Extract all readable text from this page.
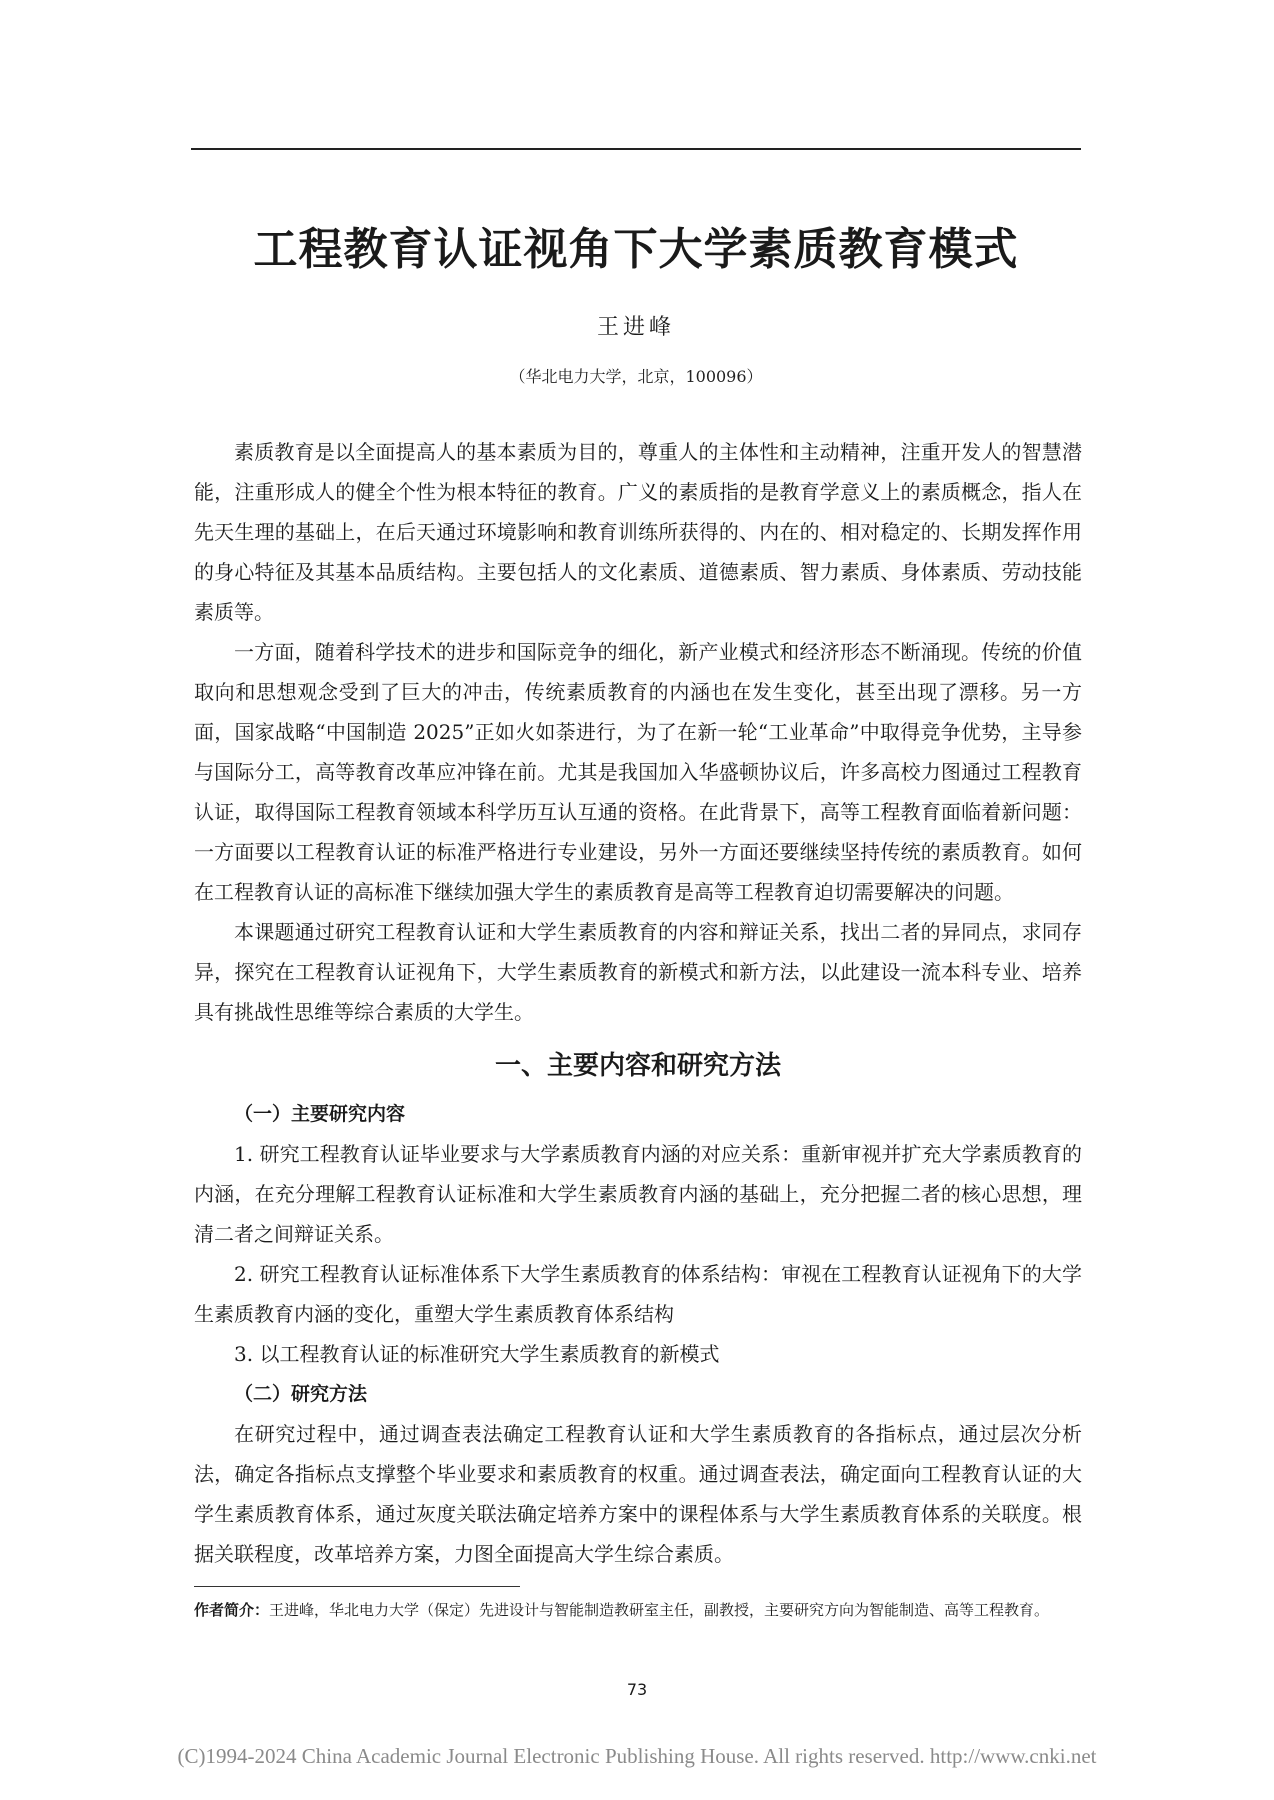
工程教育认证视角下大学素质教育模式
王进峰
（华北电力大学，北京，100096）

素质教育是以全面提高人的基本素质为目的，尊重人的主体性和主动精神，注重开发人的智慧潜能，注重形成人的健全个性为根本特征的教育。广义的素质指的是教育学意义上的素质概念，指人在先天生理的基础上，在后天通过环境影响和教育训练所获得的、内在的、相对稳定的、长期发挥作用的身心特征及其基本品质结构。主要包括人的文化素质、道德素质、智力素质、身体素质、劳动技能素质等。

一方面，随着科学技术的进步和国际竞争的细化，新产业模式和经济形态不断涌现。传统的价值取向和思想观念受到了巨大的冲击，传统素质教育的内涵也在发生变化，甚至出现了漂移。另一方面，国家战略“中国制造 2025”正如火如荼进行，为了在新一轮“工业革命”中取得竞争优势，主导参与国际分工，高等教育改革应冲锋在前。尤其是我国加入华盛顿协议后，许多高校力图通过工程教育认证，取得国际工程教育领域本科学历互认互通的资格。在此背景下，高等工程教育面临着新问题：一方面要以工程教育认证的标准严格进行专业建设，另外一方面还要继续坚持传统的素质教育。如何在工程教育认证的高标准下继续加强大学生的素质教育是高等工程教育迫切需要解决的问题。

本课题通过研究工程教育认证和大学生素质教育的内容和辩证关系，找出二者的异同点，求同存异，探究在工程教育认证视角下，大学生素质教育的新模式和新方法，以此建设一流本科专业、培养具有挑战性思维等综合素质的大学生。

一、主要内容和研究方法
（一）主要研究内容

1. 研究工程教育认证毕业要求与大学素质教育内涵的对应关系：重新审视并扩充大学素质教育的内涵，在充分理解工程教育认证标准和大学生素质教育内涵的基础上，充分把握二者的核心思想，理清二者之间辩证关系。

2. 研究工程教育认证标准体系下大学生素质教育的体系结构：审视在工程教育认证视角下的大学生素质教育内涵的变化，重塑大学生素质教育体系结构

3. 以工程教育认证的标准研究大学生素质教育的新模式

（二）研究方法

在研究过程中，通过调查表法确定工程教育认证和大学生素质教育的各指标点，通过层次分析法，确定各指标点支撑整个毕业要求和素质教育的权重。通过调查表法，确定面向工程教育认证的大学生素质教育体系，通过灰度关联法确定培养方案中的课程体系与大学生素质教育体系的关联度。根据关联程度，改革培养方案，力图全面提高大学生综合素质。

作者简介：王进峰，华北电力大学（保定）先进设计与智能制造教研室主任，副教授，主要研究方向为智能制造、高等工程教育。
73
(C)1994-2024 China Academic Journal Electronic Publishing House. All rights reserved. http://www.cnki.net
